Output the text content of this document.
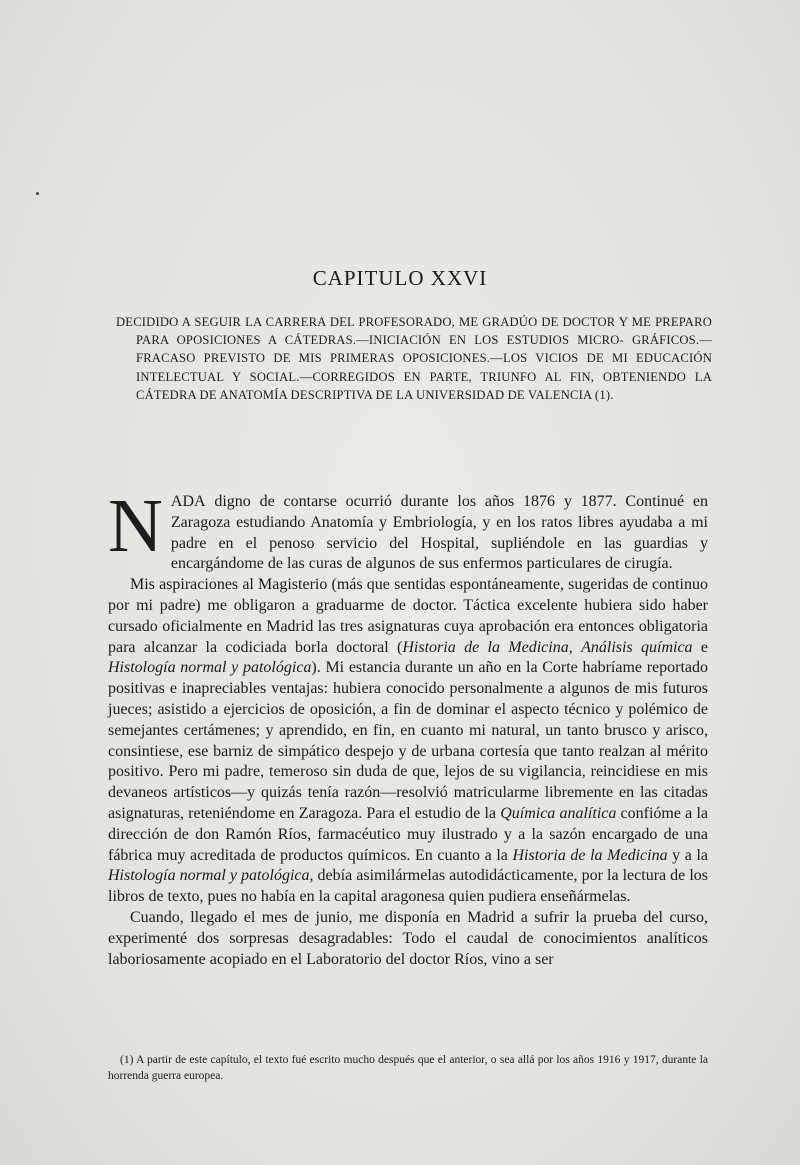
CAPITULO XXVI
DECIDIDO A SEGUIR LA CARRERA DEL PROFESORADO, ME GRADÚO DE DOCTOR Y ME PREPARO PARA OPOSICIONES A CÁTEDRAS.—INICIACIÓN EN LOS ESTUDIOS MICRO- GRÁFICOS.—FRACASO PREVISTO DE MIS PRIMERAS OPOSICIONES.—LOS VICIOS DE MI EDUCACIÓN INTELECTUAL Y SOCIAL.—CORREGIDOS EN PARTE, TRIUNFO AL FIN, OBTENIENDO LA CÁTEDRA DE ANATOMÍA DESCRIPTIVA DE LA UNIVERSIDAD DE VALENCIA (1).

NADA digno de contarse ocurrió durante los años 1876 y 1877. Continué en Zaragoza estudiando Anatomía y Embriología, y en los ratos libres ayudaba a mi padre en el penoso servicio del Hospital, supliéndole en las guardias y encargándome de las curas de algunos de sus enfermos particulares de cirugía.

Mis aspiraciones al Magisterio (más que sentidas espontáneamente, sugeridas de continuo por mi padre) me obligaron a graduarme de doctor. Táctica excelente hubiera sido haber cursado oficialmente en Madrid las tres asignaturas cuya aprobación era entonces obligatoria para alcanzar la codiciada borla doctoral (Historia de la Medicina, Análisis química e Histología normal y patológica). Mi estancia durante un año en la Corte habríame reportado positivas e inapreciables ventajas: hubiera conocido personalmente a algunos de mis futuros jueces; asistido a ejercicios de oposición, a fin de dominar el aspecto técnico y polémico de semejantes certámenes; y aprendido, en fin, en cuanto mi natural, un tanto brusco y arisco, consintiese, ese barniz de simpático despejo y de urbana cortesía que tanto realzan al mérito positivo. Pero mi padre, temeroso sin duda de que, lejos de su vigilancia, reincidiese en mis devaneos artísticos—y quizás tenía razón—resolvió matricularme libremente en las citadas asignaturas, reteniéndome en Zaragoza. Para el estudio de la Química analítica confióme a la dirección de don Ramón Ríos, farmacéutico muy ilustrado y a la sazón encargado de una fábrica muy acreditada de productos químicos. En cuanto a la Historia de la Medicina y a la Histología normal y patológica, debía asimilármelas autodidácticamente, por la lectura de los libros de texto, pues no había en la capital aragonesa quien pudiera enseñármelas.

Cuando, llegado el mes de junio, me disponía en Madrid a sufrir la prueba del curso, experimenté dos sorpresas desagradables: Todo el caudal de conocimientos analíticos laboriosamente acopiado en el Laboratorio del doctor Ríos, vino a ser

(1) A partir de este capítulo, el texto fué escrito mucho después que el anterior, o sea allá por los años 1916 y 1917, durante la horrenda guerra europea.
